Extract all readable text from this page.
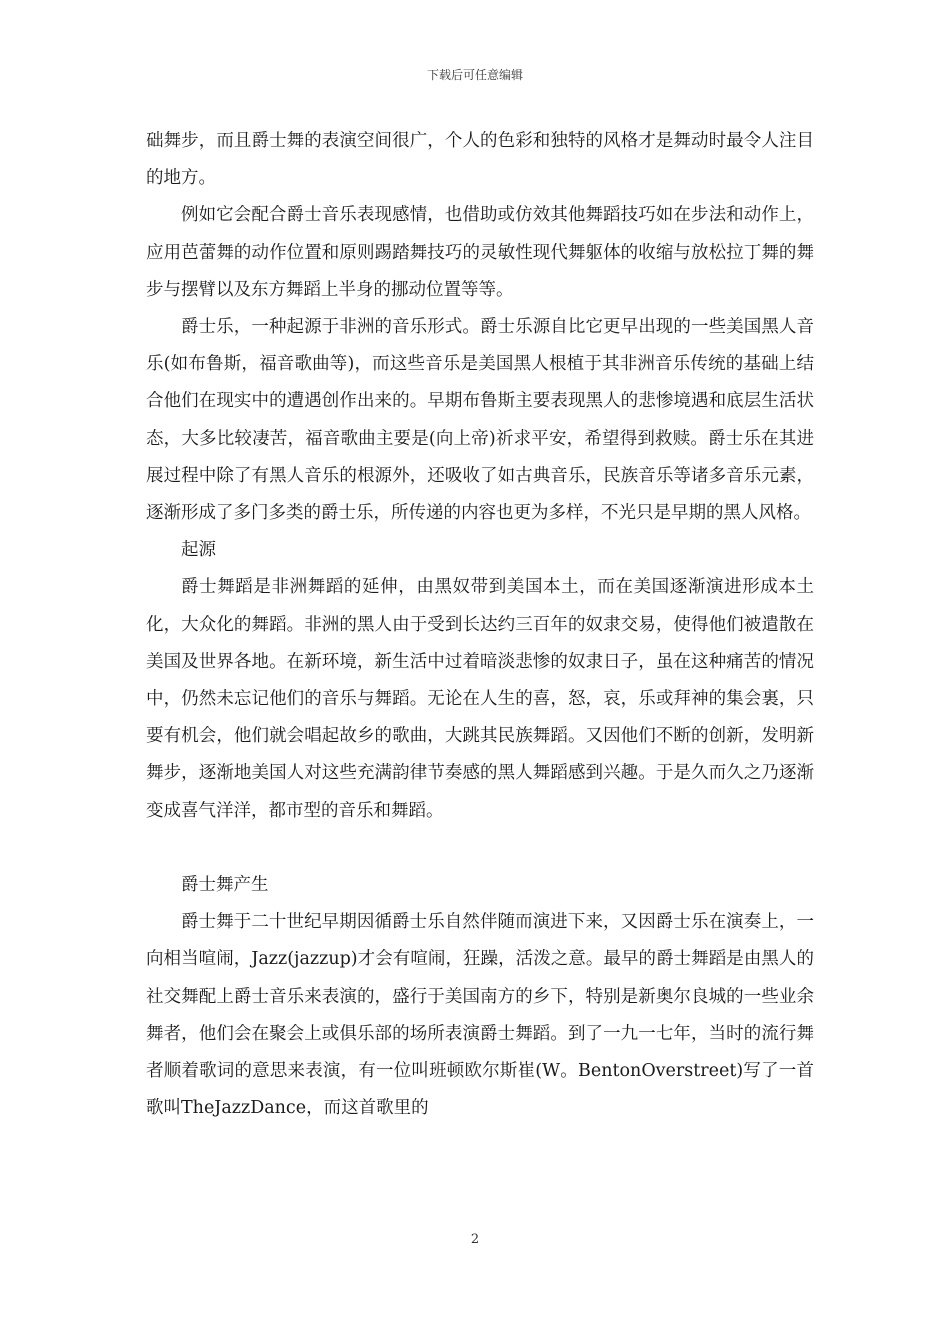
下载后可任意编辑

础舞步，而且爵士舞的表演空间很广，个人的色彩和独特的风格才是舞动时最令人注目的地方。

例如它会配合爵士音乐表现感情，也借助或仿效其他舞蹈技巧如在步法和动作上，应用芭蕾舞的动作位置和原则踢踏舞技巧的灵敏性现代舞躯体的收缩与放松拉丁舞的舞步与摆臂以及东方舞蹈上半身的挪动位置等等。

爵士乐，一种起源于非洲的音乐形式。爵士乐源自比它更早出现的一些美国黑人音乐(如布鲁斯，福音歌曲等)，而这些音乐是美国黑人根植于其非洲音乐传统的基础上结合他们在现实中的遭遇创作出来的。早期布鲁斯主要表现黑人的悲惨境遇和底层生活状态，大多比较凄苦，福音歌曲主要是(向上帝)祈求平安，希望得到救赎。爵士乐在其进展过程中除了有黑人音乐的根源外，还吸收了如古典音乐，民族音乐等诸多音乐元素，逐渐形成了多门多类的爵士乐，所传递的内容也更为多样，不光只是早期的黑人风格。

起源

爵士舞蹈是非洲舞蹈的延伸，由黑奴带到美国本土，而在美国逐渐演进形成本土化，大众化的舞蹈。非洲的黑人由于受到长达约三百年的奴隶交易，使得他们被遣散在美国及世界各地。在新环境，新生活中过着暗淡悲惨的奴隶日子，虽在这种痛苦的情况中，仍然未忘记他们的音乐与舞蹈。无论在人生的喜，怒，哀，乐或拜神的集会裏，只要有机会，他们就会唱起故乡的歌曲，大跳其民族舞蹈。又因他们不断的创新，发明新舞步，逐渐地美国人对这些充满韵律节奏感的黑人舞蹈感到兴趣。于是久而久之乃逐渐变成喜气洋洋，都市型的音乐和舞蹈。

爵士舞产生

爵士舞于二十世纪早期因循爵士乐自然伴随而演进下来，又因爵士乐在演奏上，一向相当喧闹，Jazz(jazzup)才会有喧闹，狂躁，活泼之意。最早的爵士舞蹈是由黑人的社交舞配上爵士音乐来表演的，盛行于美国南方的乡下，特别是新奥尔良城的一些业余舞者，他们会在聚会上或俱乐部的场所表演爵士舞蹈。到了一九一七年，当时的流行舞者顺着歌词的意思来表演，有一位叫班顿欧尔斯崔(W。BentonOverstreet)写了一首歌叫TheJazzDance，而这首歌里的

2
